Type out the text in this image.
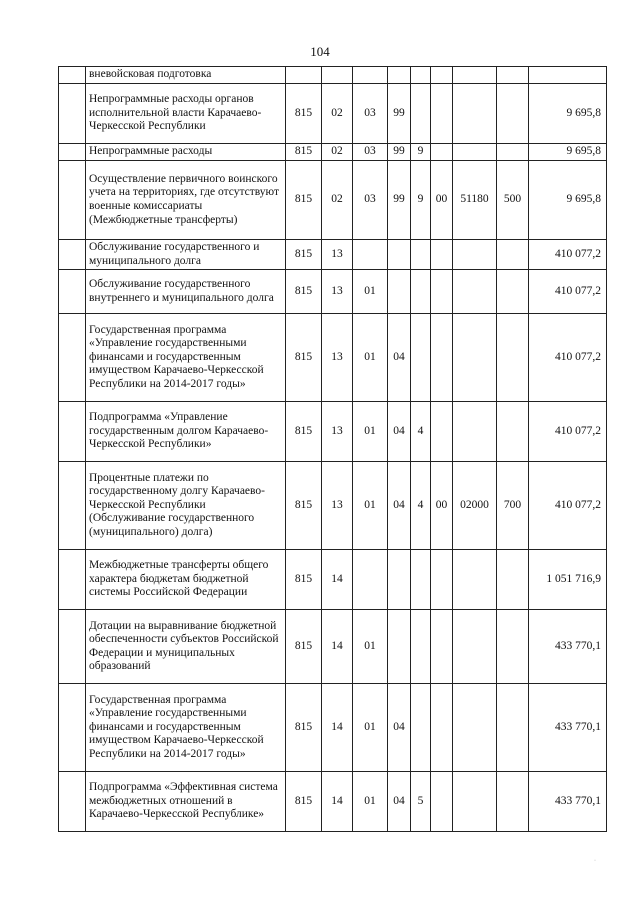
104
	вневойсковая подготовка									
	Непрограммные расходы органов исполнительной власти Карачаево-Черкесской Республики	815	02	03	99					9 695,8
	Непрограммные расходы	815	02	03	99	9				9 695,8
	Осуществление первичного воинского учета на территориях, где отсутствуют военные комиссариаты (Межбюджетные трансферты)	815	02	03	99	9	00	51180	500	9 695,8
	Обслуживание государственного и муниципального долга	815	13							410 077,2
	Обслуживание государственного внутреннего и муниципального долга	815	13	01						410 077,2
	Государственная программа «Управление государственными финансами и государственным имуществом Карачаево-Черкесской Республики на 2014-2017 годы»	815	13	01	04					410 077,2
	Подпрограмма «Управление государственным долгом Карачаево-Черкесской Республики»	815	13	01	04	4				410 077,2
	Процентные платежи по государственному долгу Карачаево-Черкесской Республики (Обслуживание государственного (муниципального) долга)	815	13	01	04	4	00	02000	700	410 077,2
	Межбюджетные трансферты общего характера бюджетам бюджетной системы Российской Федерации	815	14							1 051 716,9
	Дотации на выравнивание бюджетной обеспеченности субъектов Российской Федерации и муниципальных образований	815	14	01						433 770,1
	Государственная программа «Управление государственными финансами и государственным имуществом Карачаево-Черкесской Республики на 2014-2017 годы»	815	14	01	04					433 770,1
	Подпрограмма «Эффективная система межбюджетных отношений в Карачаево-Черкесской Республике»	815	14	01	04	5				433 770,1
·
